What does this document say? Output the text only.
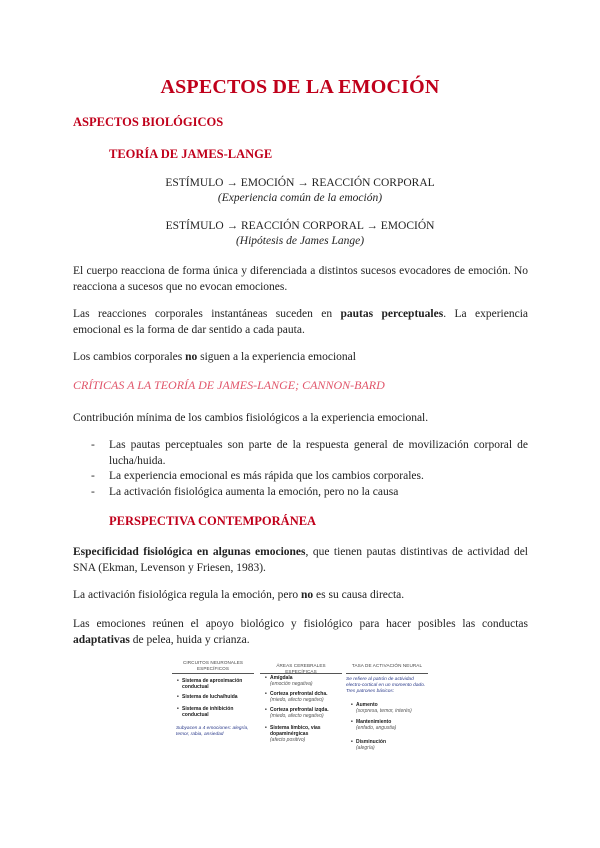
ASPECTOS DE LA EMOCIÓN
ASPECTOS BIOLÓGICOS
TEORÍA DE JAMES-LANGE
ESTÍMULO → EMOCIÓN → REACCIÓN CORPORAL
(Experiencia común de la emoción)
ESTÍMULO → REACCIÓN CORPORAL → EMOCIÓN
(Hipótesis de James Lange)
El cuerpo reacciona de forma única y diferenciada a distintos sucesos evocadores de emoción. No reacciona a sucesos que no evocan emociones.
Las reacciones corporales instantáneas suceden en pautas perceptuales. La experiencia emocional es la forma de dar sentido a cada pauta.
Los cambios corporales no siguen a la experiencia emocional
CRÍTICAS A LA TEORÍA DE JAMES-LANGE; CANNON-BARD
Contribución mínima de los cambios fisiológicos a la experiencia emocional.
- Las pautas perceptuales son parte de la respuesta general de movilización corporal de lucha/huida.
- La experiencia emocional es más rápida que los cambios corporales.
- La activación fisiológica aumenta la emoción, pero no la causa
PERSPECTIVA CONTEMPORÁNEA
Especificidad fisiológica en algunas emociones, que tienen pautas distintivas de actividad del SNA (Ekman, Levenson y Friesen, 1983).
La activación fisiológica regula la emoción, pero no es su causa directa.
Las emociones reúnen el apoyo biológico y fisiológico para hacer posibles las conductas adaptativas de pelea, huida y crianza.
CIRCUITOS NEURONALES ESPECÍFICOS
ÁREAS CEREBRALES ESPECÍFICAS
TASA DE ACTIVACIÓN NEURAL
• Sistema de aproximación conductual
• Sistema de lucha/huida
• Sistema de inhibición conductual
Subyacen a 4 emociones: alegría, temor, rabia, ansiedad
• Amígdala
(emoción negativa)
• Corteza prefrontal dcha.
(miedo, afecto negativo)
• Corteza prefrontal izqda.
(miedo, afecto negativo)
• Sistema límbico, vías dopaminérgicas
(afecto positivo)
Se refiere al patrón de actividad electro-cortical en un momento dado. Tres patrones básicos:
• Aumento
(sorpresa, temor, interés)
• Mantenimiento
(enfado, angustia)
• Disminución
(alegría)
